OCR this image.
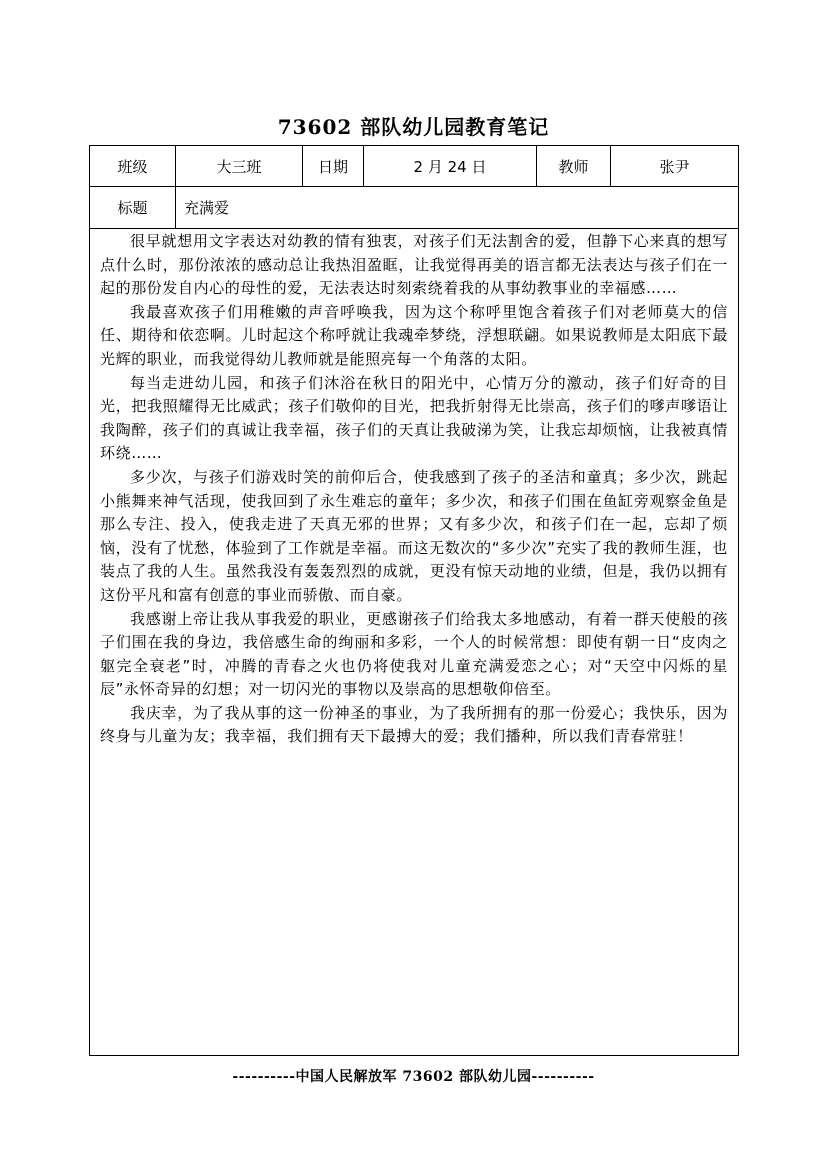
73602 部队幼儿园教育笔记
班级	大三班	日期	2 月 24 日	教师	张尹
标题	充满爱

很早就想用文字表达对幼教的情有独衷，对孩子们无法割舍的爱，但静下心来真的想写点什么时，那份浓浓的感动总让我热泪盈眶，让我觉得再美的语言都无法表达与孩子们在一起的那份发自内心的母性的爱，无法表达时刻索绕着我的从事幼教事业的幸福感……

我最喜欢孩子们用稚嫩的声音呼唤我，因为这个称呼里饱含着孩子们对老师莫大的信任、期待和依恋啊。儿时起这个称呼就让我魂牵梦绕，浮想联翩。如果说教师是太阳底下最光辉的职业，而我觉得幼儿教师就是能照亮每一个角落的太阳。

每当走进幼儿园，和孩子们沐浴在秋日的阳光中，心情万分的激动，孩子们好奇的目光，把我照耀得无比威武；孩子们敬仰的目光，把我折射得无比崇高，孩子们的嗲声嗲语让我陶醉，孩子们的真诚让我幸福，孩子们的天真让我破涕为笑，让我忘却烦恼，让我被真情环绕……

多少次，与孩子们游戏时笑的前仰后合，使我感到了孩子的圣洁和童真；多少次，跳起小熊舞来神气活现，使我回到了永生难忘的童年；多少次，和孩子们围在鱼缸旁观察金鱼是那么专注、投入，使我走进了天真无邪的世界；又有多少次，和孩子们在一起，忘却了烦恼，没有了忧愁，体验到了工作就是幸福。而这无数次的“多少次”充实了我的教师生涯，也装点了我的人生。虽然我没有轰轰烈烈的成就，更没有惊天动地的业绩，但是，我仍以拥有这份平凡和富有创意的事业而骄傲、而自豪。

我感谢上帝让我从事我爱的职业，更感谢孩子们给我太多地感动，有着一群天使般的孩子们围在我的身边，我倍感生命的绚丽和多彩，一个人的时候常想：即使有朝一日“皮肉之躯完全衰老”时，冲腾的青春之火也仍将使我对儿童充满爱恋之心；对“天空中闪烁的星辰”永怀奇异的幻想；对一切闪光的事物以及崇高的思想敬仰倍至。

我庆幸，为了我从事的这一份神圣的事业，为了我所拥有的那一份爱心；我快乐，因为终身与儿童为友；我幸福，我们拥有天下最搏大的爱；我们播种，所以我们青春常驻！

----------中国人民解放军 73602 部队幼儿园----------
